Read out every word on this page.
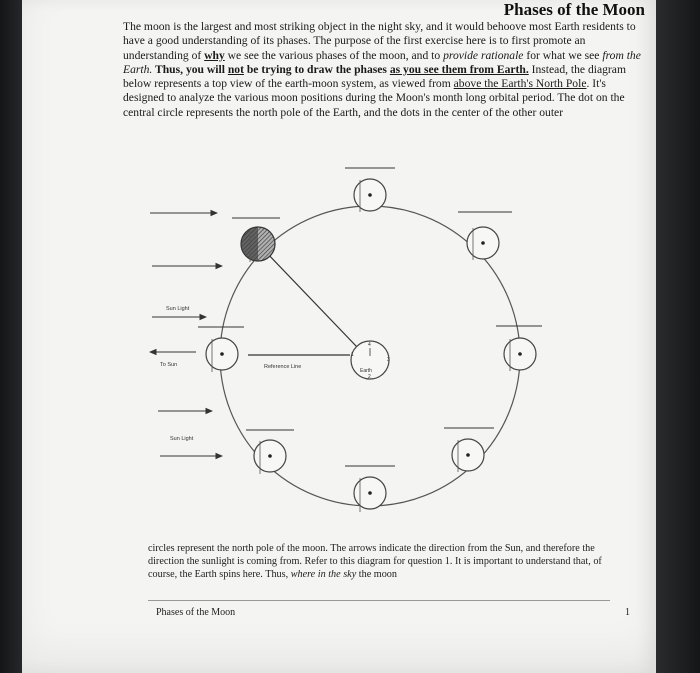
Phases of the Moon

The moon is the largest and most striking object in the night sky, and it would behoove most Earth residents to have a good understanding of its phases. The purpose of the first exercise here is to first promote an understanding of why we see the various phases of the moon, and to provide rationale for what we see from the Earth. Thus, you will not be trying to draw the phases as you see them from Earth. Instead, the diagram below represents a top view of the earth-moon system, as viewed from above the Earth's North Pole. It's designed to analyze the various moon positions during the Moon's month long orbital period. The dot on the central circle represents the north pole of the Earth, and the dots in the center of the other outer

Sun Light
To Sun
Sun Light
Reference Line
Earth
4
1
3
2
circles represent the north pole of the moon. The arrows indicate the direction from the Sun, and therefore the direction the sunlight is coming from. Refer to this diagram for question 1. It is important to understand that, of course, the Earth spins here. Thus, where in the sky the moon
Phases of the Moon	1
